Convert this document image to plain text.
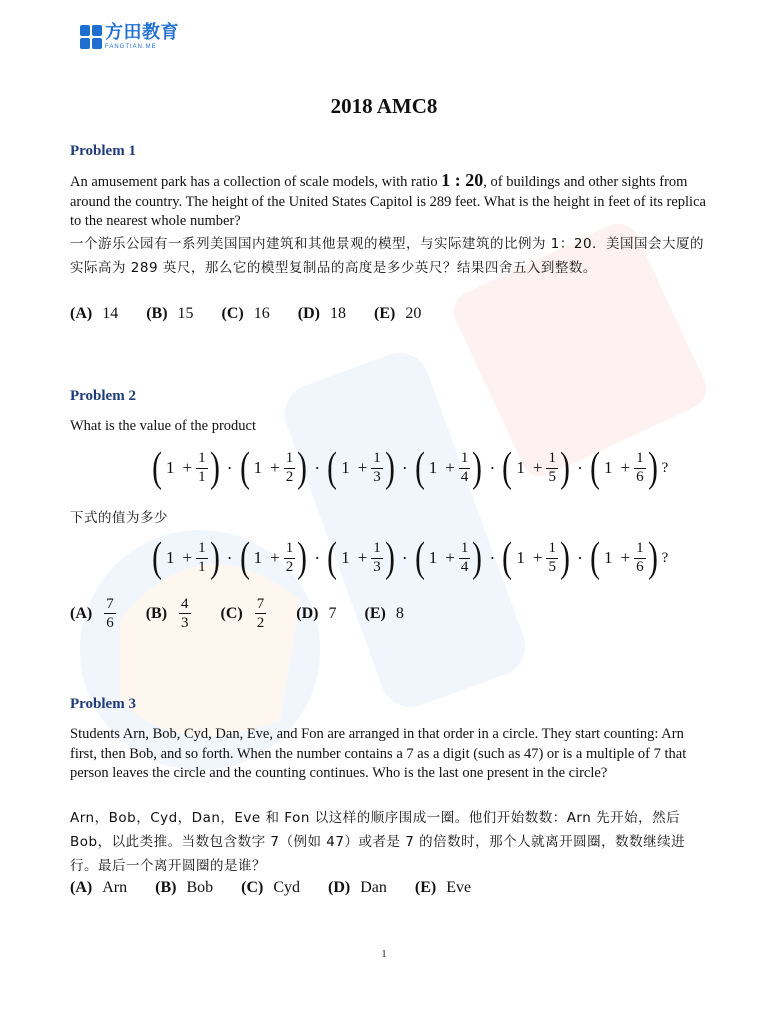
方田教育
FANGTIAN.ME
2018 AMC8
Problem 1
An amusement park has a collection of scale models, with ratio 1 : 20, of buildings and other sights from around the country. The height of the United States Capitol is 289 feet. What is the height in feet of its replica to the nearest whole number?
一个游乐公园有一系列美国国内建筑和其他景观的模型，与实际建筑的比例为 1：20．美国国会大厦的实际高为 289 英尺，那么它的模型复制品的高度是多少英尺？结果四舍五入到整数。
(A) 14 (B) 15 (C) 16 (D) 18 (E) 20
Problem 2
What is the value of the product
( $1 + \frac{1}{1}$ ) · ( $1 + \frac{1}{2}$ ) · ( $1 + \frac{1}{3}$ ) · ( $1 + \frac{1}{4}$ ) · ( $1 + \frac{1}{5}$ ) · ( $1 + \frac{1}{6}$ ) ?
下式的值为多少
( $1 + \frac{1}{1}$ ) · ( $1 + \frac{1}{2}$ ) · ( $1 + \frac{1}{3}$ ) · ( $1 + \frac{1}{4}$ ) · ( $1 + \frac{1}{5}$ ) · ( $1 + \frac{1}{6}$ ) ?
$(A) \frac{7}{6} (B) \frac{4}{3} (C) \frac{7}{2} (D)$ 7 (E) 8
Problem 3
Students Arn, Bob, Cyd, Dan, Eve, and Fon are arranged in that order in a circle. They start counting: Arn first, then Bob, and so forth. When the number contains a 7 as a digit (such as 47) or is a multiple of 7 that person leaves the circle and the counting continues. Who is the last one present in the circle?
Arn，Bob，Cyd，Dan，Eve 和 Fon 以这样的顺序围成一圈。他们开始数数：Arn 先开始，然后 Bob，以此类推。当数包含数字 7（例如 47）或者是 7 的倍数时，那个人就离开圆圈，数数继续进行。最后一个离开圆圈的是谁？
(A) Arn (B) Bob (C) Cyd (D) Dan (E) Eve
1
